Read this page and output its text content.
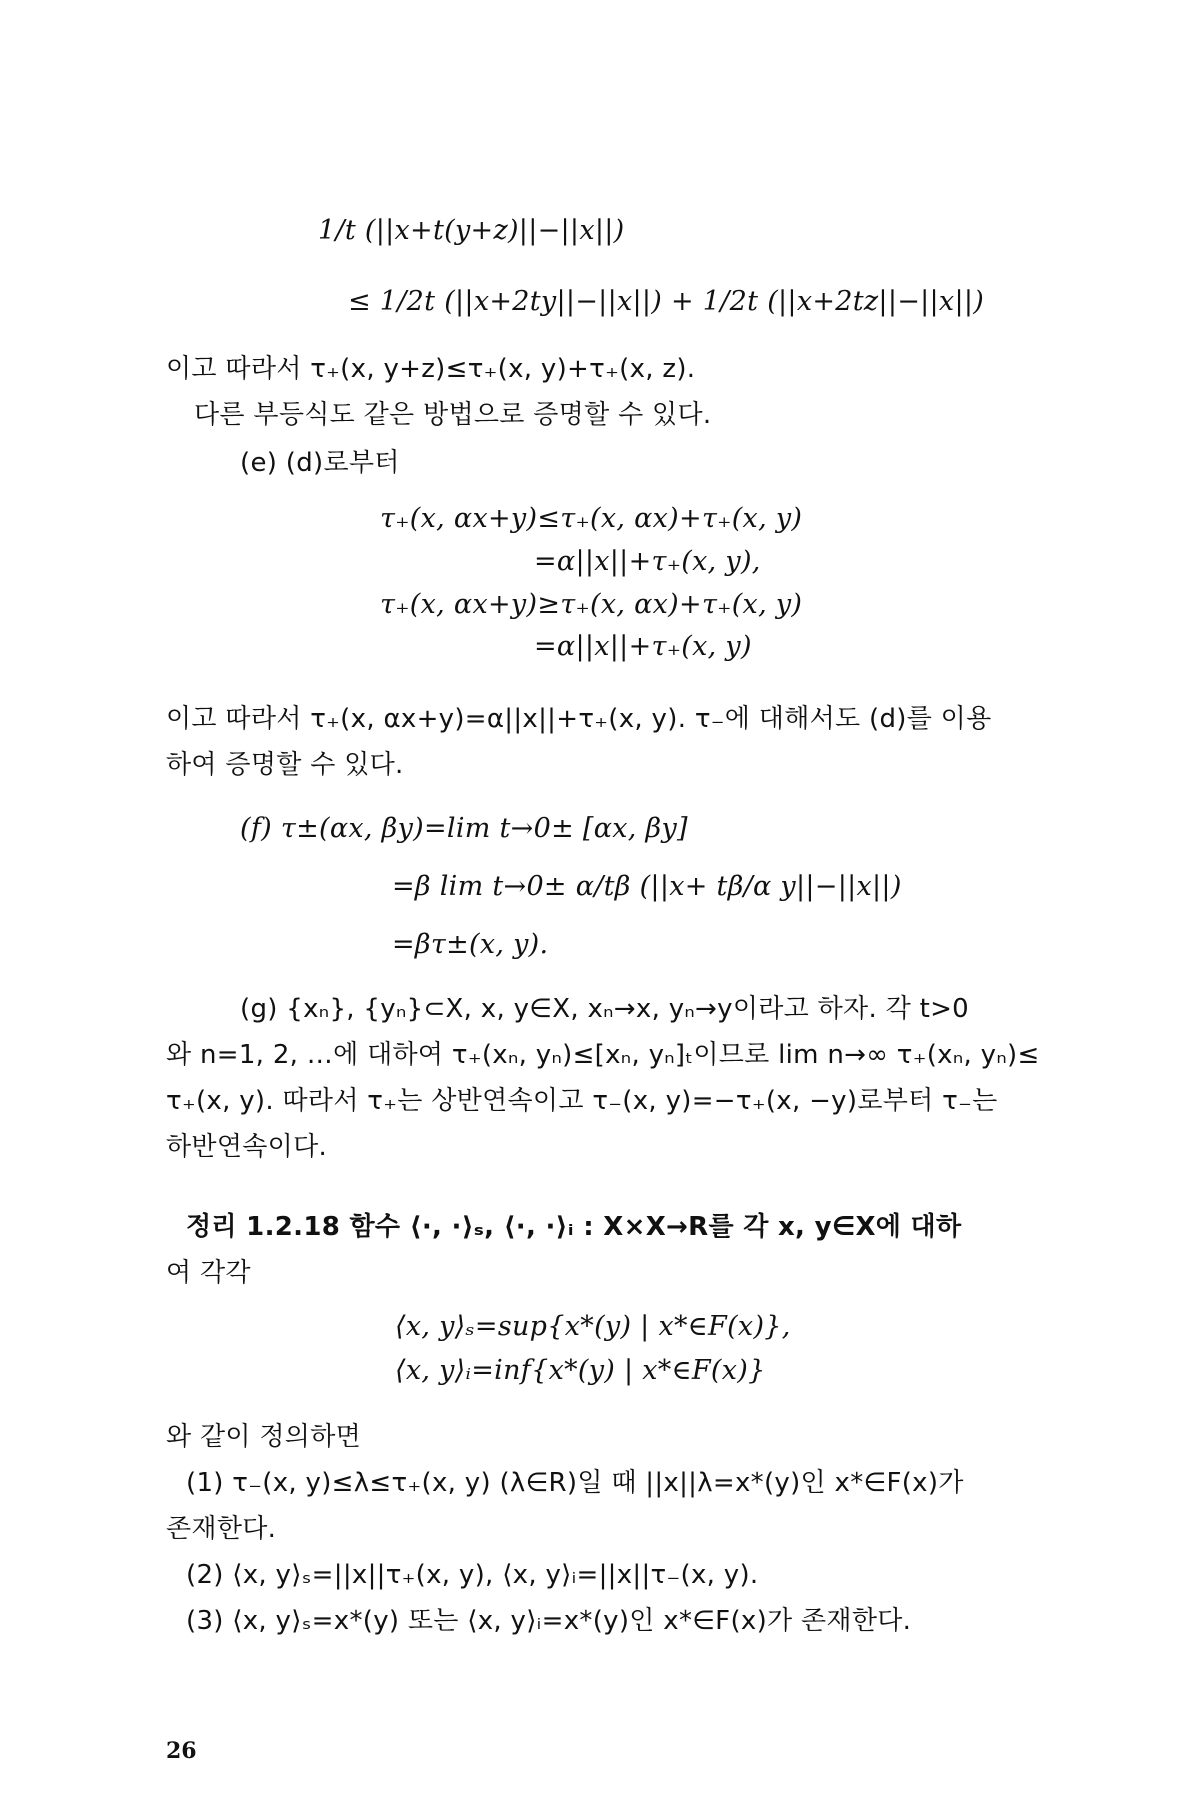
1/t (||x+t(y+z)||−||x||)
≤ 1/2t (||x+2ty||−||x||) + 1/2t (||x+2tz||−||x||)
이고 따라서 τ₊(x, y+z)≤τ₊(x, y)+τ₊(x, z).
다른 부등식도 같은 방법으로 증명할 수 있다.
(e) (d)로부터
τ₊(x, αx+y)≤τ₊(x, αx)+τ₊(x, y)
=α||x||+τ₊(x, y),
τ₊(x, αx+y)≥τ₊(x, αx)+τ₊(x, y)
=α||x||+τ₊(x, y)
이고 따라서 τ₊(x, αx+y)=α||x||+τ₊(x, y). τ₋에 대해서도 (d)를 이용
하여 증명할 수 있다.
(f) τ±(αx, βy)=lim t→0± [αx, βy]
=β lim t→0± α/tβ (||x+ tβ/α y||−||x||)
=βτ±(x, y).
(g) {xₙ}, {yₙ}⊂X, x, y∈X, xₙ→x, yₙ→y이라고 하자. 각 t>0
와 n=1, 2, …에 대하여 τ₊(xₙ, yₙ)≤[xₙ, yₙ]ₜ이므로 lim n→∞ τ₊(xₙ, yₙ)≤
τ₊(x, y). 따라서 τ₊는 상반연속이고 τ₋(x, y)=−τ₊(x, −y)로부터 τ₋는
하반연속이다.
정리 1.2.18 함수 ⟨·, ·⟩ₛ, ⟨·, ·⟩ᵢ : X×X→R를 각 x, y∈X에 대하
여 각각
⟨x, y⟩ₛ=sup{x*(y) | x*∈F(x)},
⟨x, y⟩ᵢ=inf{x*(y) | x*∈F(x)}
와 같이 정의하면
(1) τ₋(x, y)≤λ≤τ₊(x, y) (λ∈R)일 때 ||x||λ=x*(y)인 x*∈F(x)가
존재한다.
(2) ⟨x, y⟩ₛ=||x||τ₊(x, y), ⟨x, y⟩ᵢ=||x||τ₋(x, y).
(3) ⟨x, y⟩ₛ=x*(y) 또는 ⟨x, y⟩ᵢ=x*(y)인 x*∈F(x)가 존재한다.
26
